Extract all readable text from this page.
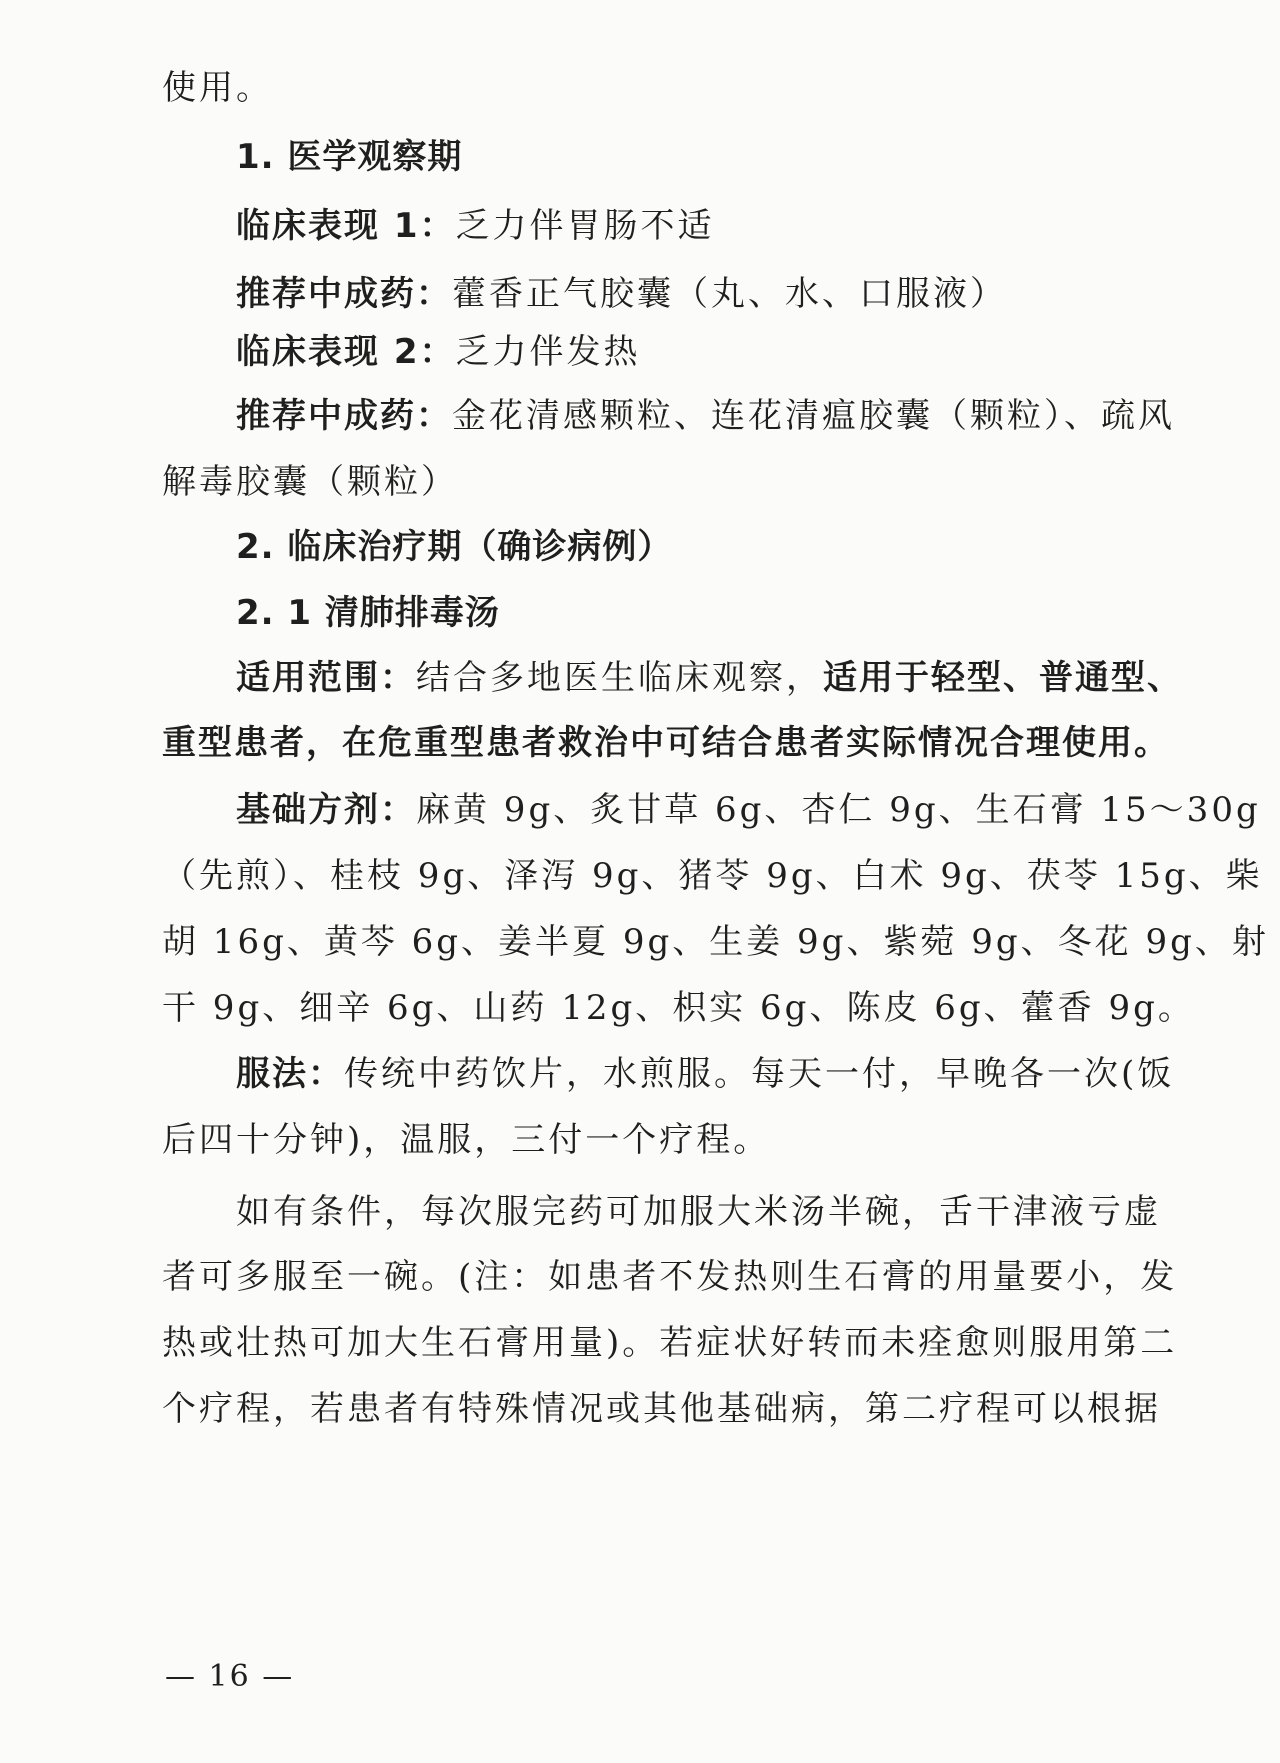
使用。
1. 医学观察期
临床表现 1：乏力伴胃肠不适
推荐中成药：藿香正气胶囊（丸、水、口服液）
临床表现 2：乏力伴发热
推荐中成药：金花清感颗粒、连花清瘟胶囊（颗粒）、疏风
解毒胶囊（颗粒）
2. 临床治疗期（确诊病例）
2. 1 清肺排毒汤
适用范围：结合多地医生临床观察，适用于轻型、普通型、
重型患者，在危重型患者救治中可结合患者实际情况合理使用。
基础方剂：麻黄 9g、炙甘草 6g、杏仁 9g、生石膏 15～30g
（先煎）、桂枝 9g、泽泻 9g、猪苓 9g、白术 9g、茯苓 15g、柴
胡 16g、黄芩 6g、姜半夏 9g、生姜 9g、紫菀 9g、冬花 9g、射
干 9g、细辛 6g、山药 12g、枳实 6g、陈皮 6g、藿香 9g。
服法：传统中药饮片，水煎服。每天一付，早晚各一次(饭
后四十分钟)，温服，三付一个疗程。
如有条件，每次服完药可加服大米汤半碗，舌干津液亏虚
者可多服至一碗。(注：如患者不发热则生石膏的用量要小，发
热或壮热可加大生石膏用量)。若症状好转而未痊愈则服用第二
个疗程，若患者有特殊情况或其他基础病，第二疗程可以根据
— 16 —
